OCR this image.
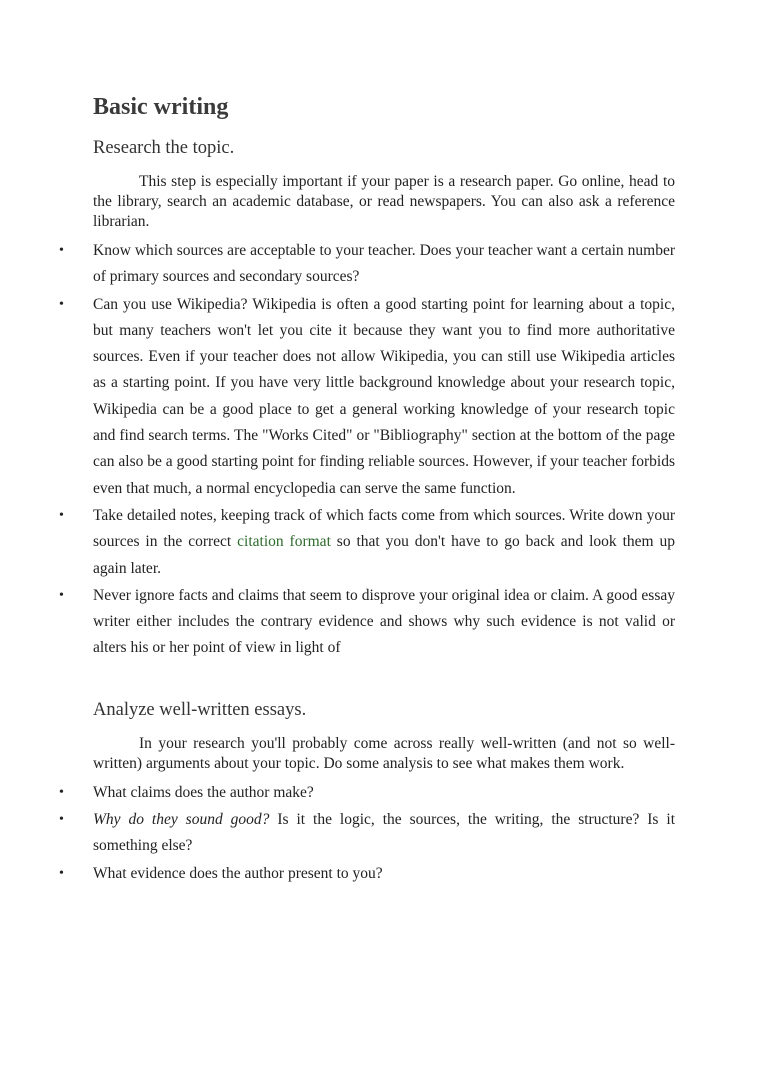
Basic writing
Research the topic.

This step is especially important if your paper is a research paper. Go online, head to the library, search an academic database, or read newspapers. You can also ask a reference librarian.

• Know which sources are acceptable to your teacher. Does your teacher want a certain number of primary sources and secondary sources?
• Can you use Wikipedia? Wikipedia is often a good starting point for learning about a topic, but many teachers won't let you cite it because they want you to find more authoritative sources. Even if your teacher does not allow Wikipedia, you can still use Wikipedia articles as a starting point. If you have very little background knowledge about your research topic, Wikipedia can be a good place to get a general working knowledge of your research topic and find search terms. The "Works Cited" or "Bibliography" section at the bottom of the page can also be a good starting point for finding reliable sources. However, if your teacher forbids even that much, a normal encyclopedia can serve the same function.
• Take detailed notes, keeping track of which facts come from which sources. Write down your sources in the correct citation format so that you don't have to go back and look them up again later.
• Never ignore facts and claims that seem to disprove your original idea or claim. A good essay writer either includes the contrary evidence and shows why such evidence is not valid or alters his or her point of view in light of
Analyze well-written essays.

In your research you'll probably come across really well-written (and not so well-written) arguments about your topic. Do some analysis to see what makes them work.

• What claims does the author make?
• Why do they sound good? Is it the logic, the sources, the writing, the structure? Is it something else?
• What evidence does the author present to you?
